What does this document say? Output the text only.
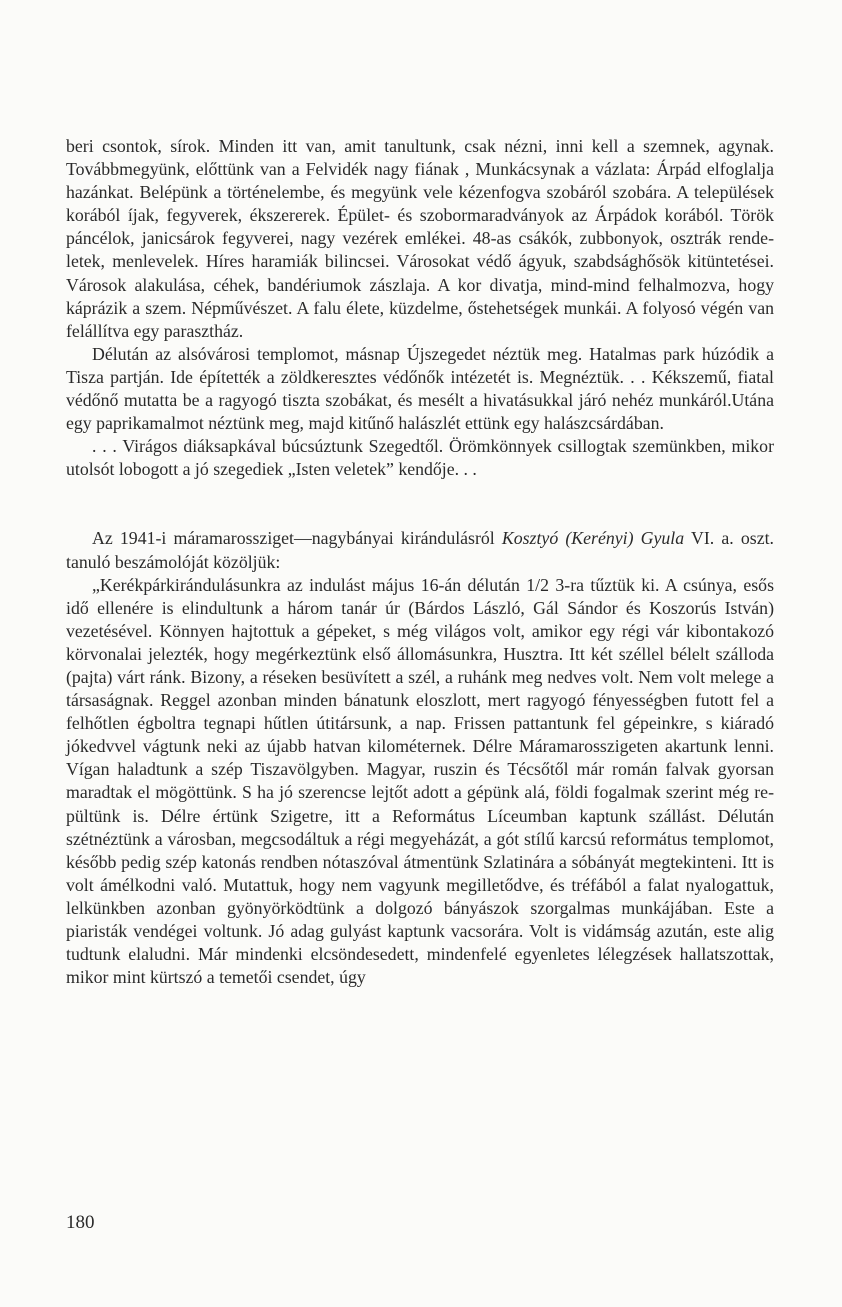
beri csontok, sírok. Minden itt van, amit tanultunk, csak nézni, inni kell a szemnek, agynak. Továbbmegyünk, előttünk van a Felvidék nagy fiának , Munkácsynak a vázlata: Árpád elfoglalja hazánkat. Belépünk a történelembe, és megyünk vele kézenfogva szobáról szobára. A települések korából íjak, fegyverek, ékszererek. Épület- és szobormaradványok az Árpádok korából. Török páncélok, janicsárok fegyverei, nagy vezérek emlékei. 48-as csákók, zubbonyok, osztrák rendeletek, menlevelek. Híres haramiák bilincsei. Városokat védő ágyuk, szabdsághősök kitüntetései. Városok alakulása, céhek, bandériumok zászlaja. A kor divatja, mind-mind felhalmozva, hogy káprázik a szem. Népművészet. A falu élete, küzdelme, őstehetségek munkái. A folyosó végén van felállítva egy parasztház.

Délután az alsóvárosi templomot, másnap Újszegedet néztük meg. Hatalmas park húzódik a Tisza partján. Ide építették a zöldkeresztes védőnők intézetét is. Megnéztük. . . Kékszemű, fiatal védőnő mutatta be a ragyogó tiszta szobákat, és mesélt a hivatásukkal járó nehéz munkáról.Utána egy paprikamalmot néztünk meg, majd kitűnő halászlét ettünk egy halászcsárdában.

. . . Virágos diáksapkával búcsúztunk Szegedtől. Örömkönnyek csillogtak szemünkben, mikor utolsót lobogott a jó szegediek „Isten veletek” kendője. . .

Az 1941-i máramarossziget—nagybányai kirándulásról Kosztyó (Kerényi) Gyula VI. a. oszt. tanuló beszámolóját közöljük:

„Kerékpárkirándulásunkra az indulást május 16-án délután 1/2 3-ra tűztük ki. A csúnya, esős idő ellenére is elindultunk a három tanár úr (Bárdos László, Gál Sándor és Koszorús István) vezetésével. Könnyen hajtottuk a gépeket, s még világos volt, amikor egy régi vár kibontakozó körvonalai jelezték, hogy megérkeztünk első állomásunkra, Husztra. Itt két széllel bélelt szálloda (pajta) várt ránk. Bizony, a réseken besüvített a szél, a ruhánk meg nedves volt. Nem volt melege a társaságnak. Reggel azonban minden bánatunk eloszlott, mert ragyogó fényességben futott fel a felhőtlen égboltra tegnapi hűtlen útitársunk, a nap. Frissen pattantunk fel gépeinkre, s kiáradó jókedvvel vágtunk neki az újabb hatvan kilométernek. Délre Máramarosszigeten akartunk lenni. Vígan haladtunk a szép Tiszavölgyben. Magyar, ruszin és Técsőtől már román falvak gyorsan maradtak el mögöttünk. S ha jó szerencse lejtőt adott a gépünk alá, földi fogalmak szerint még repültünk is. Délre értünk Szigetre, itt a Református Líceumban kaptunk szállást. Délután szétnéztünk a városban, megcsodáltuk a régi megyeházát, a gót stílű karcsú református templomot, később pedig szép katonás rendben nótaszóval átmentünk Szlatinára a sóbányát megtekinteni. Itt is volt ámélkodni való. Mutattuk, hogy nem vagyunk megilletődve, és tréfából a falat nyalogattuk, lelkünkben azonban gyönyörködtünk a dolgozó bányászok szorgalmas munkájában. Este a piaristák vendégei voltunk. Jó adag gulyást kaptunk vacsorára. Volt is vidámság azután, este alig tudtunk elaludni. Már mindenki elcsöndesedett, mindenfelé egyenletes lélegzések hallatszottak, mikor mint kürtszó a temetői csendet, úgy

180
